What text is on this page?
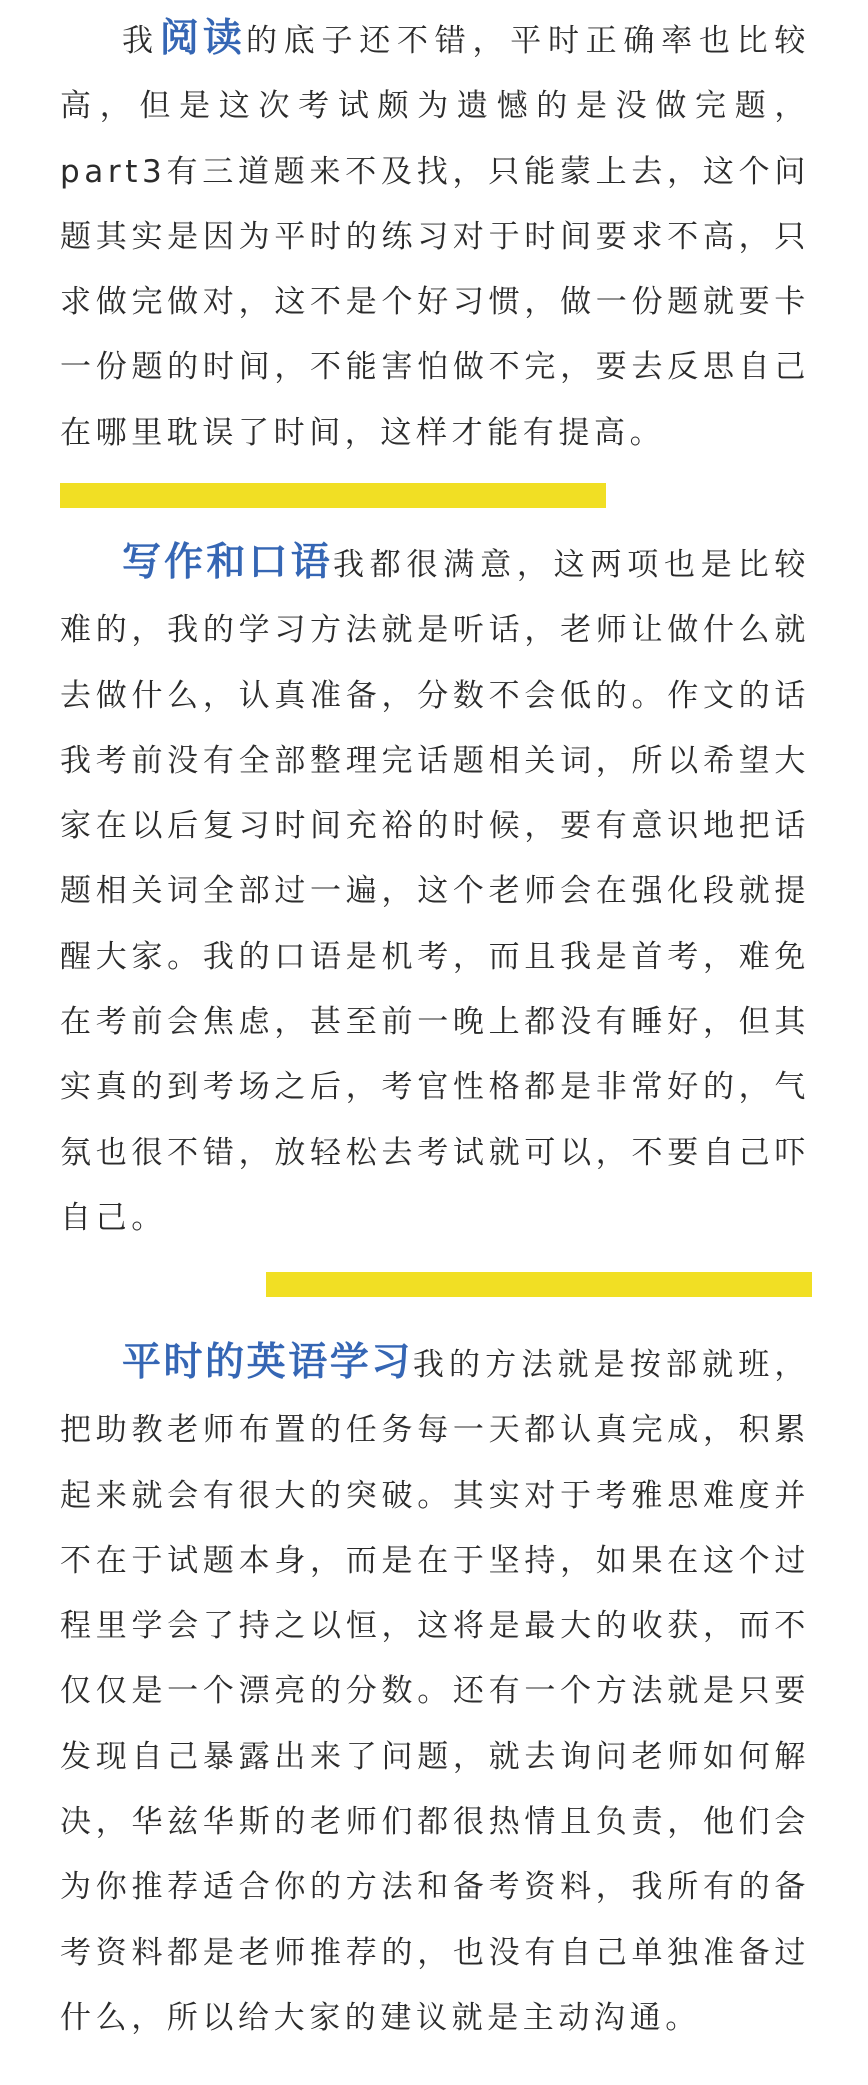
我阅读的底子还不错，平时正确率也比较高，但是这次考试颇为遗憾的是没做完题，part3有三道题来不及找，只能蒙上去，这个问题其实是因为平时的练习对于时间要求不高，只求做完做对，这不是个好习惯，做一份题就要卡一份题的时间，不能害怕做不完，要去反思自己在哪里耽误了时间，这样才能有提高。

写作和口语我都很满意，这两项也是比较难的，我的学习方法就是听话，老师让做什么就去做什么，认真准备，分数不会低的。作文的话我考前没有全部整理完话题相关词，所以希望大家在以后复习时间充裕的时候，要有意识地把话题相关词全部过一遍，这个老师会在强化段就提醒大家。我的口语是机考，而且我是首考，难免在考前会焦虑，甚至前一晚上都没有睡好，但其实真的到考场之后，考官性格都是非常好的，气氛也很不错，放轻松去考试就可以，不要自己吓自己。

平时的英语学习我的方法就是按部就班，把助教老师布置的任务每一天都认真完成，积累起来就会有很大的突破。其实对于考雅思难度并不在于试题本身，而是在于坚持，如果在这个过程里学会了持之以恒，这将是最大的收获，而不仅仅是一个漂亮的分数。还有一个方法就是只要发现自己暴露出来了问题，就去询问老师如何解决，华兹华斯的老师们都很热情且负责，他们会为你推荐适合你的方法和备考资料，我所有的备考资料都是老师推荐的，也没有自己单独准备过什么，所以给大家的建议就是主动沟通。
